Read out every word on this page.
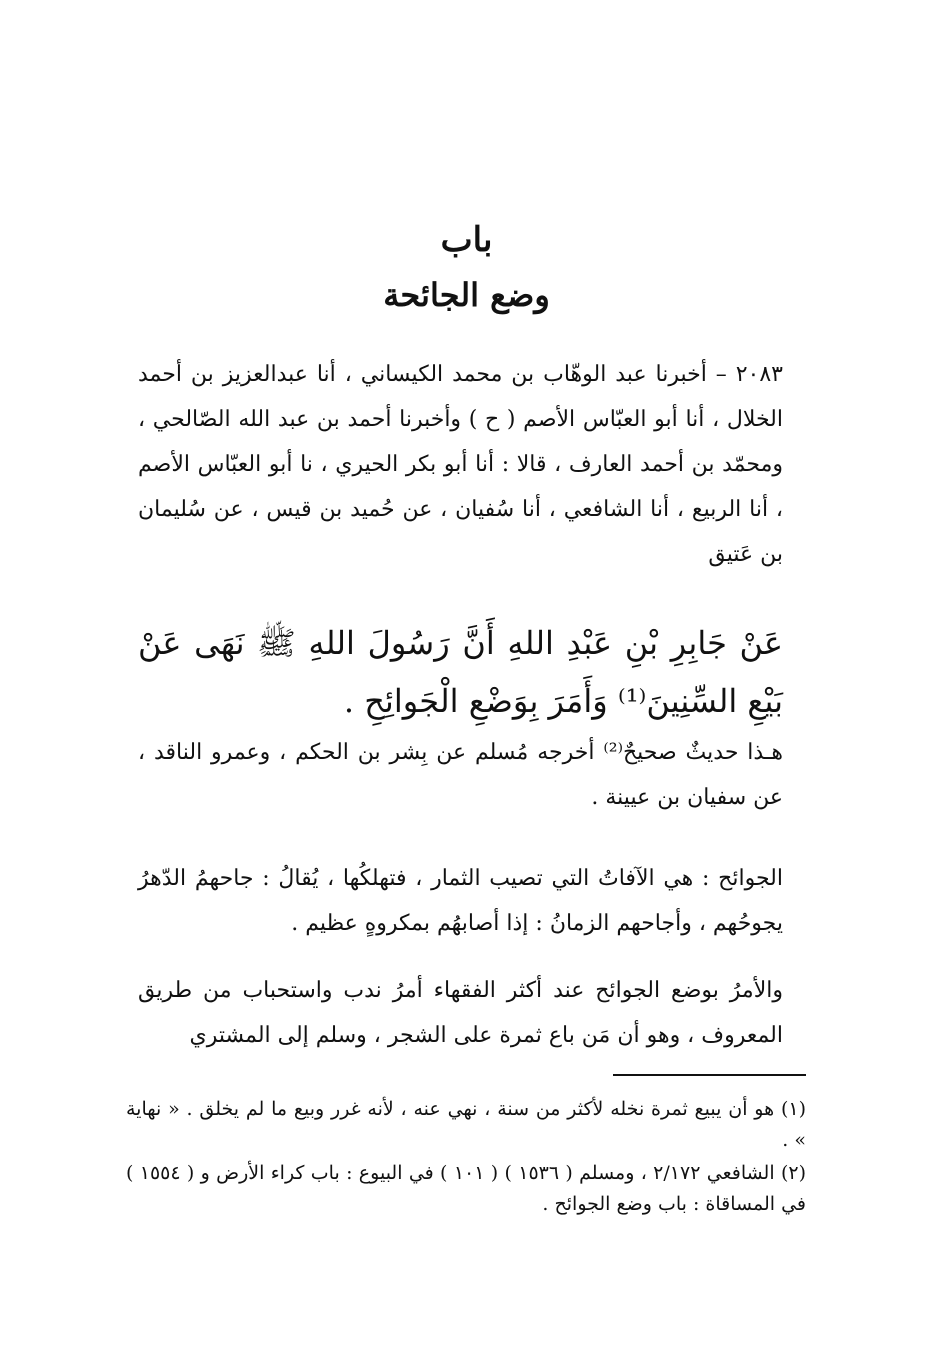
باب
وضع الجائحة
٢٠٨٣ – أخبرنا عبد الوهّاب بن محمد الكيساني ، أنا عبدالعزيز بن أحمد الخلال ، أنا أبو العبّاس الأصم ( ح ) وأخبرنا أحمد بن عبد الله الصّالحي ، ومحمّد بن أحمد العارف ، قالا : أنا أبو بكر الحيري ، نا أبو العبّاس الأصم ، أنا الربيع ، أنا الشافعي ، أنا سُفيان ، عن حُميد بن قيس ، عن سُليمان بن عَتيق
عَنْ جَابِرِ بْنِ عَبْدِ اللهِ أَنَّ رَسُولَ اللهِ ﷺ نَهَى عَنْ بَيْعِ السِّنِينَ⁽¹⁾ وَأَمَرَ بِوَضْعِ الْجَوائِحِ .
هـذا حديثٌ صحيحٌ⁽²⁾ أخرجه مُسلم عن بِشر بن الحكم ، وعمرو الناقد ، عن سفيان بن عيينة .
الجوائح : هي الآفاتُ التي تصيب الثمار ، فتهلكُها ، يُقالُ : جاحهمُ الدّهرُ يجوحُهم ، وأجاحهم الزمانُ : إذا أصابهُم بمكروهٍ عظيم .
والأمرُ بوضع الجوائح عند أكثر الفقهاء أمرُ ندب واستحباب من طريق المعروف ، وهو أن مَن باع ثمرة على الشجر ، وسلم إلى المشتري
(١) هو أن يبيع ثمرة نخله لأكثر من سنة ، نهي عنه ، لأنه غرر وبيع ما لم يخلق . « نهاية » .
(٢) الشافعي ٢/١٧٢ ، ومسلم ( ١٥٣٦ ) ( ١٠١ ) في البيوع : باب كراء الأرض و ( ١٥٥٤ ) في المساقاة : باب وضع الجوائح .
